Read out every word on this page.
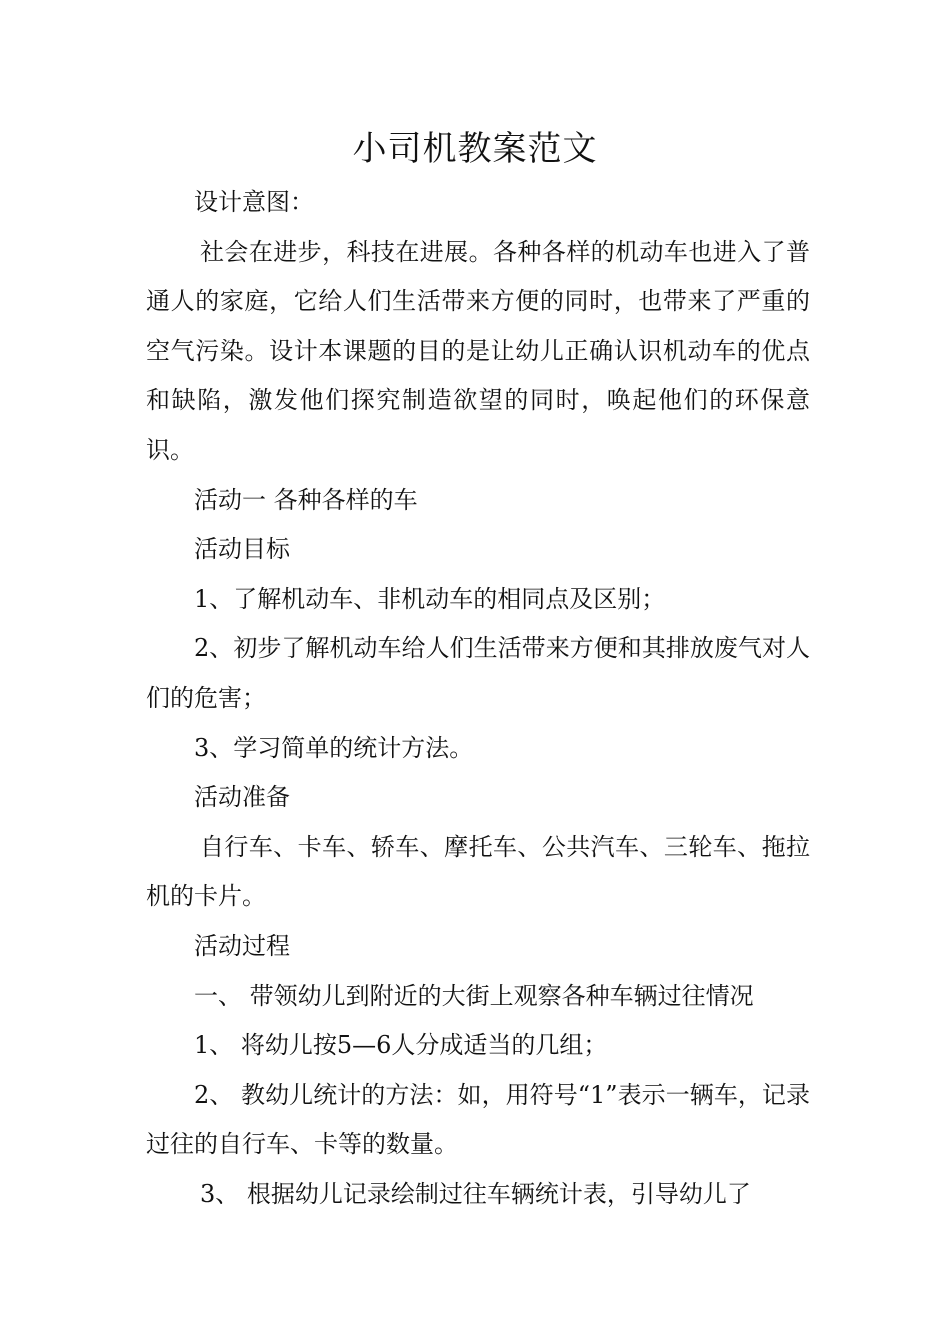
小司机教案范文

设计意图：

社会在进步，科技在进展。各种各样的机动车也进入了普通人的家庭，它给人们生活带来方便的同时，也带来了严重的空气污染。设计本课题的目的是让幼儿正确认识机动车的优点和缺陷，激发他们探究制造欲望的同时，唤起他们的环保意识。

活动一 各种各样的车

活动目标

1、了解机动车、非机动车的相同点及区别；

2、初步了解机动车给人们生活带来方便和其排放废气对人们的危害；

3、学习简单的统计方法。

活动准备

自行车、卡车、轿车、摩托车、公共汽车、三轮车、拖拉机的卡片。

活动过程

一、 带领幼儿到附近的大街上观察各种车辆过往情况

1、 将幼儿按5—6人分成适当的几组；

2、 教幼儿统计的方法：如，用符号“1”表示一辆车，记录过往的自行车、卡等的数量。

3、 根据幼儿记录绘制过往车辆统计表，引导幼儿了
